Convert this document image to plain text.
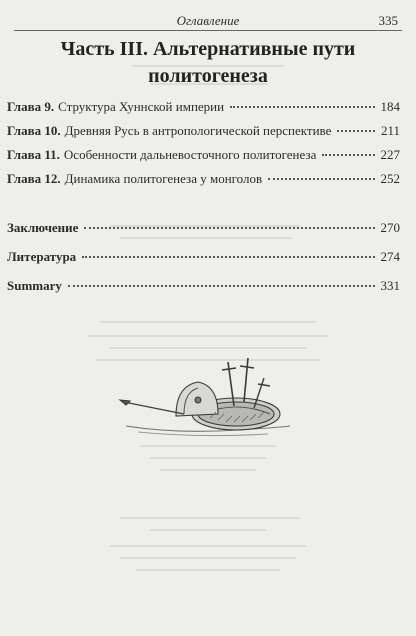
Оглавление	335
Часть III. Альтернативные пути
политогенеза
Глава 9. Структура Хуннской империи	184
Глава 10. Древняя Русь в антропологической перспективе	211
Глава 11. Особенности дальневосточного политогенеза	227
Глава 12. Динамика политогенеза у монголов	252
Заключение	270
Литература	274
Summary	331
